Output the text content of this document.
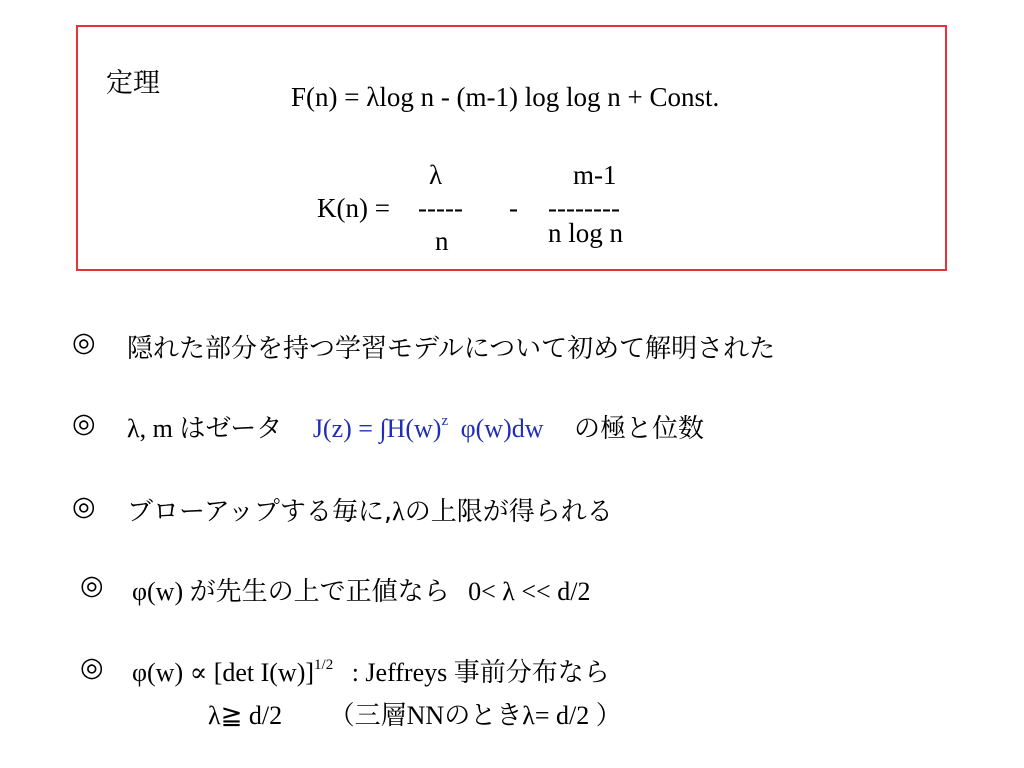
定理	F(n) = λlog n - (m-1) log log n + Const.
K(n) =
λ
-----
n
-
m-1
--------
n log n
◎ 隠れた部分を持つ学習モデルについて初めて解明された
◎ λ, m はゼータ $J(z) = \int H(w)^z$ φ(w)dw の極と位数
◎ ブローアップする毎に,λの上限が得られる
◎ φ(w) が先生の上で正値なら 0< λ << d/2
◎ φ(w) ∝ [det I(w)]$^{1/2}$ : Jeffreys 事前分布なら
λ≧ d/2 （三層NNのときλ= d/2 ）
